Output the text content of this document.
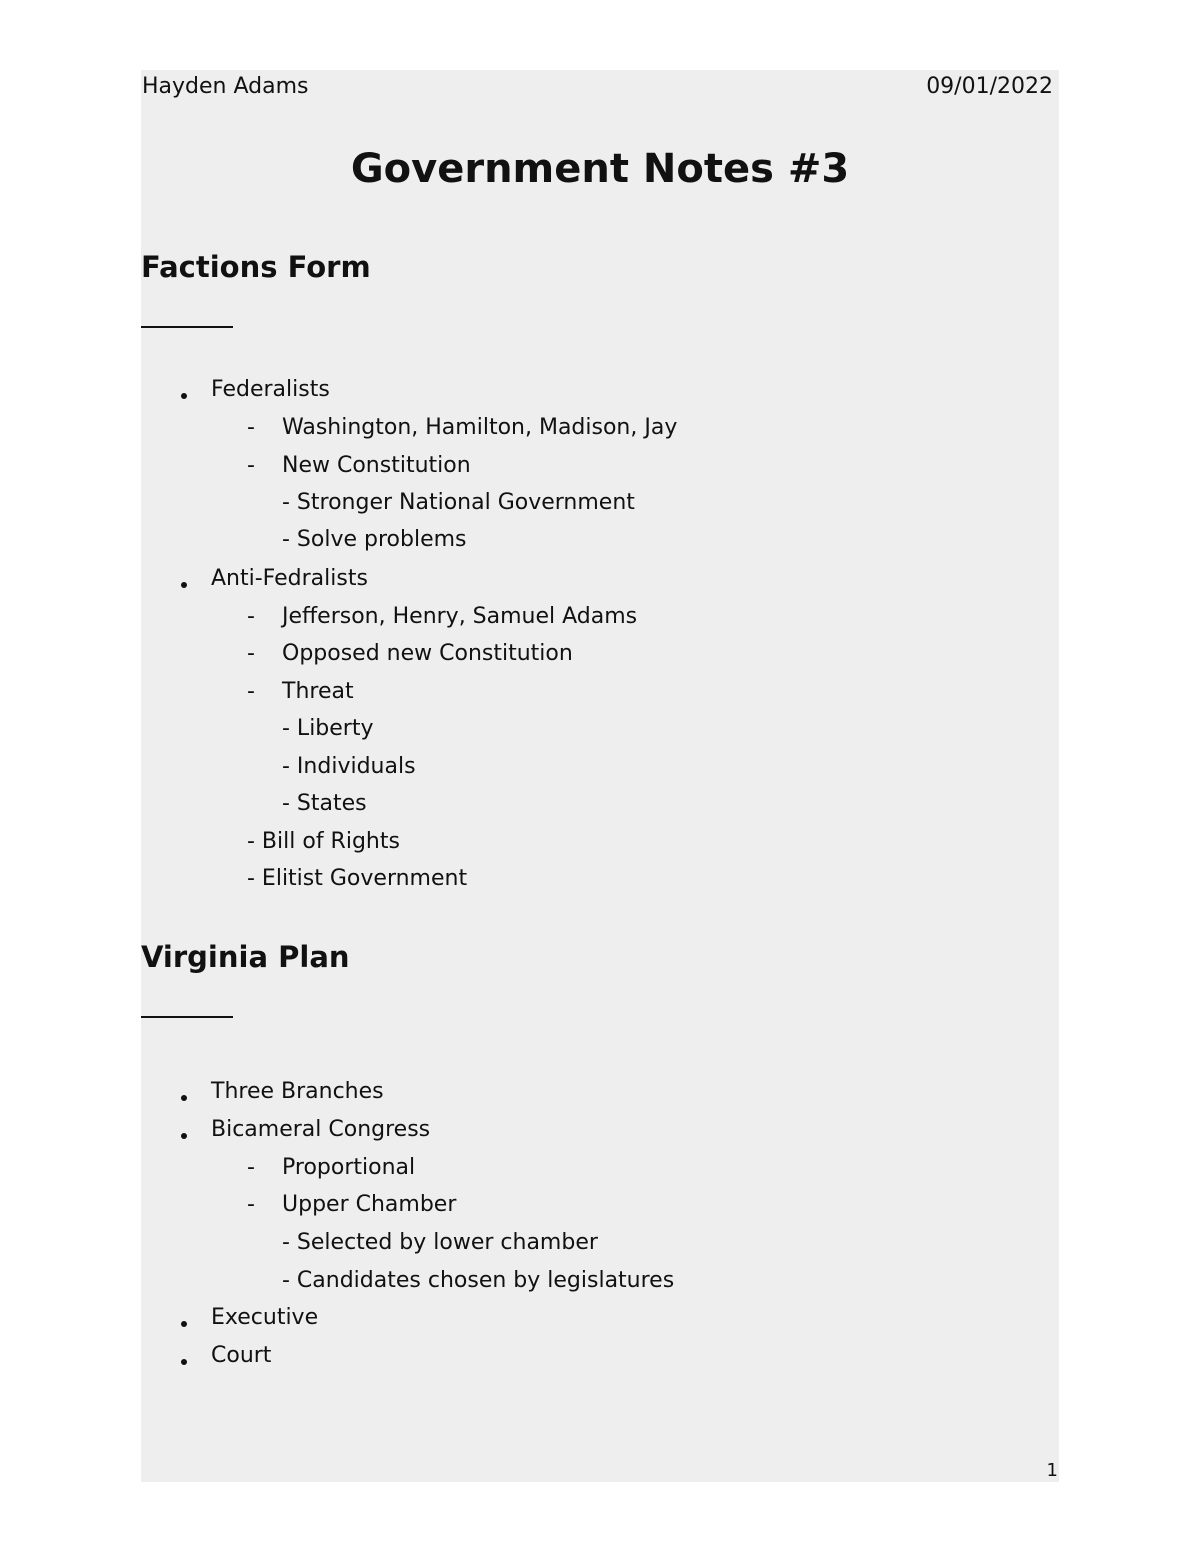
Hayden Adams	09/01/2022
Government Notes #3
Factions Form
Federalists
- Washington, Hamilton, Madison, Jay
- New Constitution
- Stronger National Government
- Solve problems
Anti-Fedralists
- Jefferson, Henry, Samuel Adams
- Opposed new Constitution
- Threat
- Liberty
- Individuals
- States
- Bill of Rights
- Elitist Government
Virginia Plan
Three Branches
Bicameral Congress
- Proportional
- Upper Chamber
- Selected by lower chamber
- Candidates chosen by legislatures
Executive
Court
1
